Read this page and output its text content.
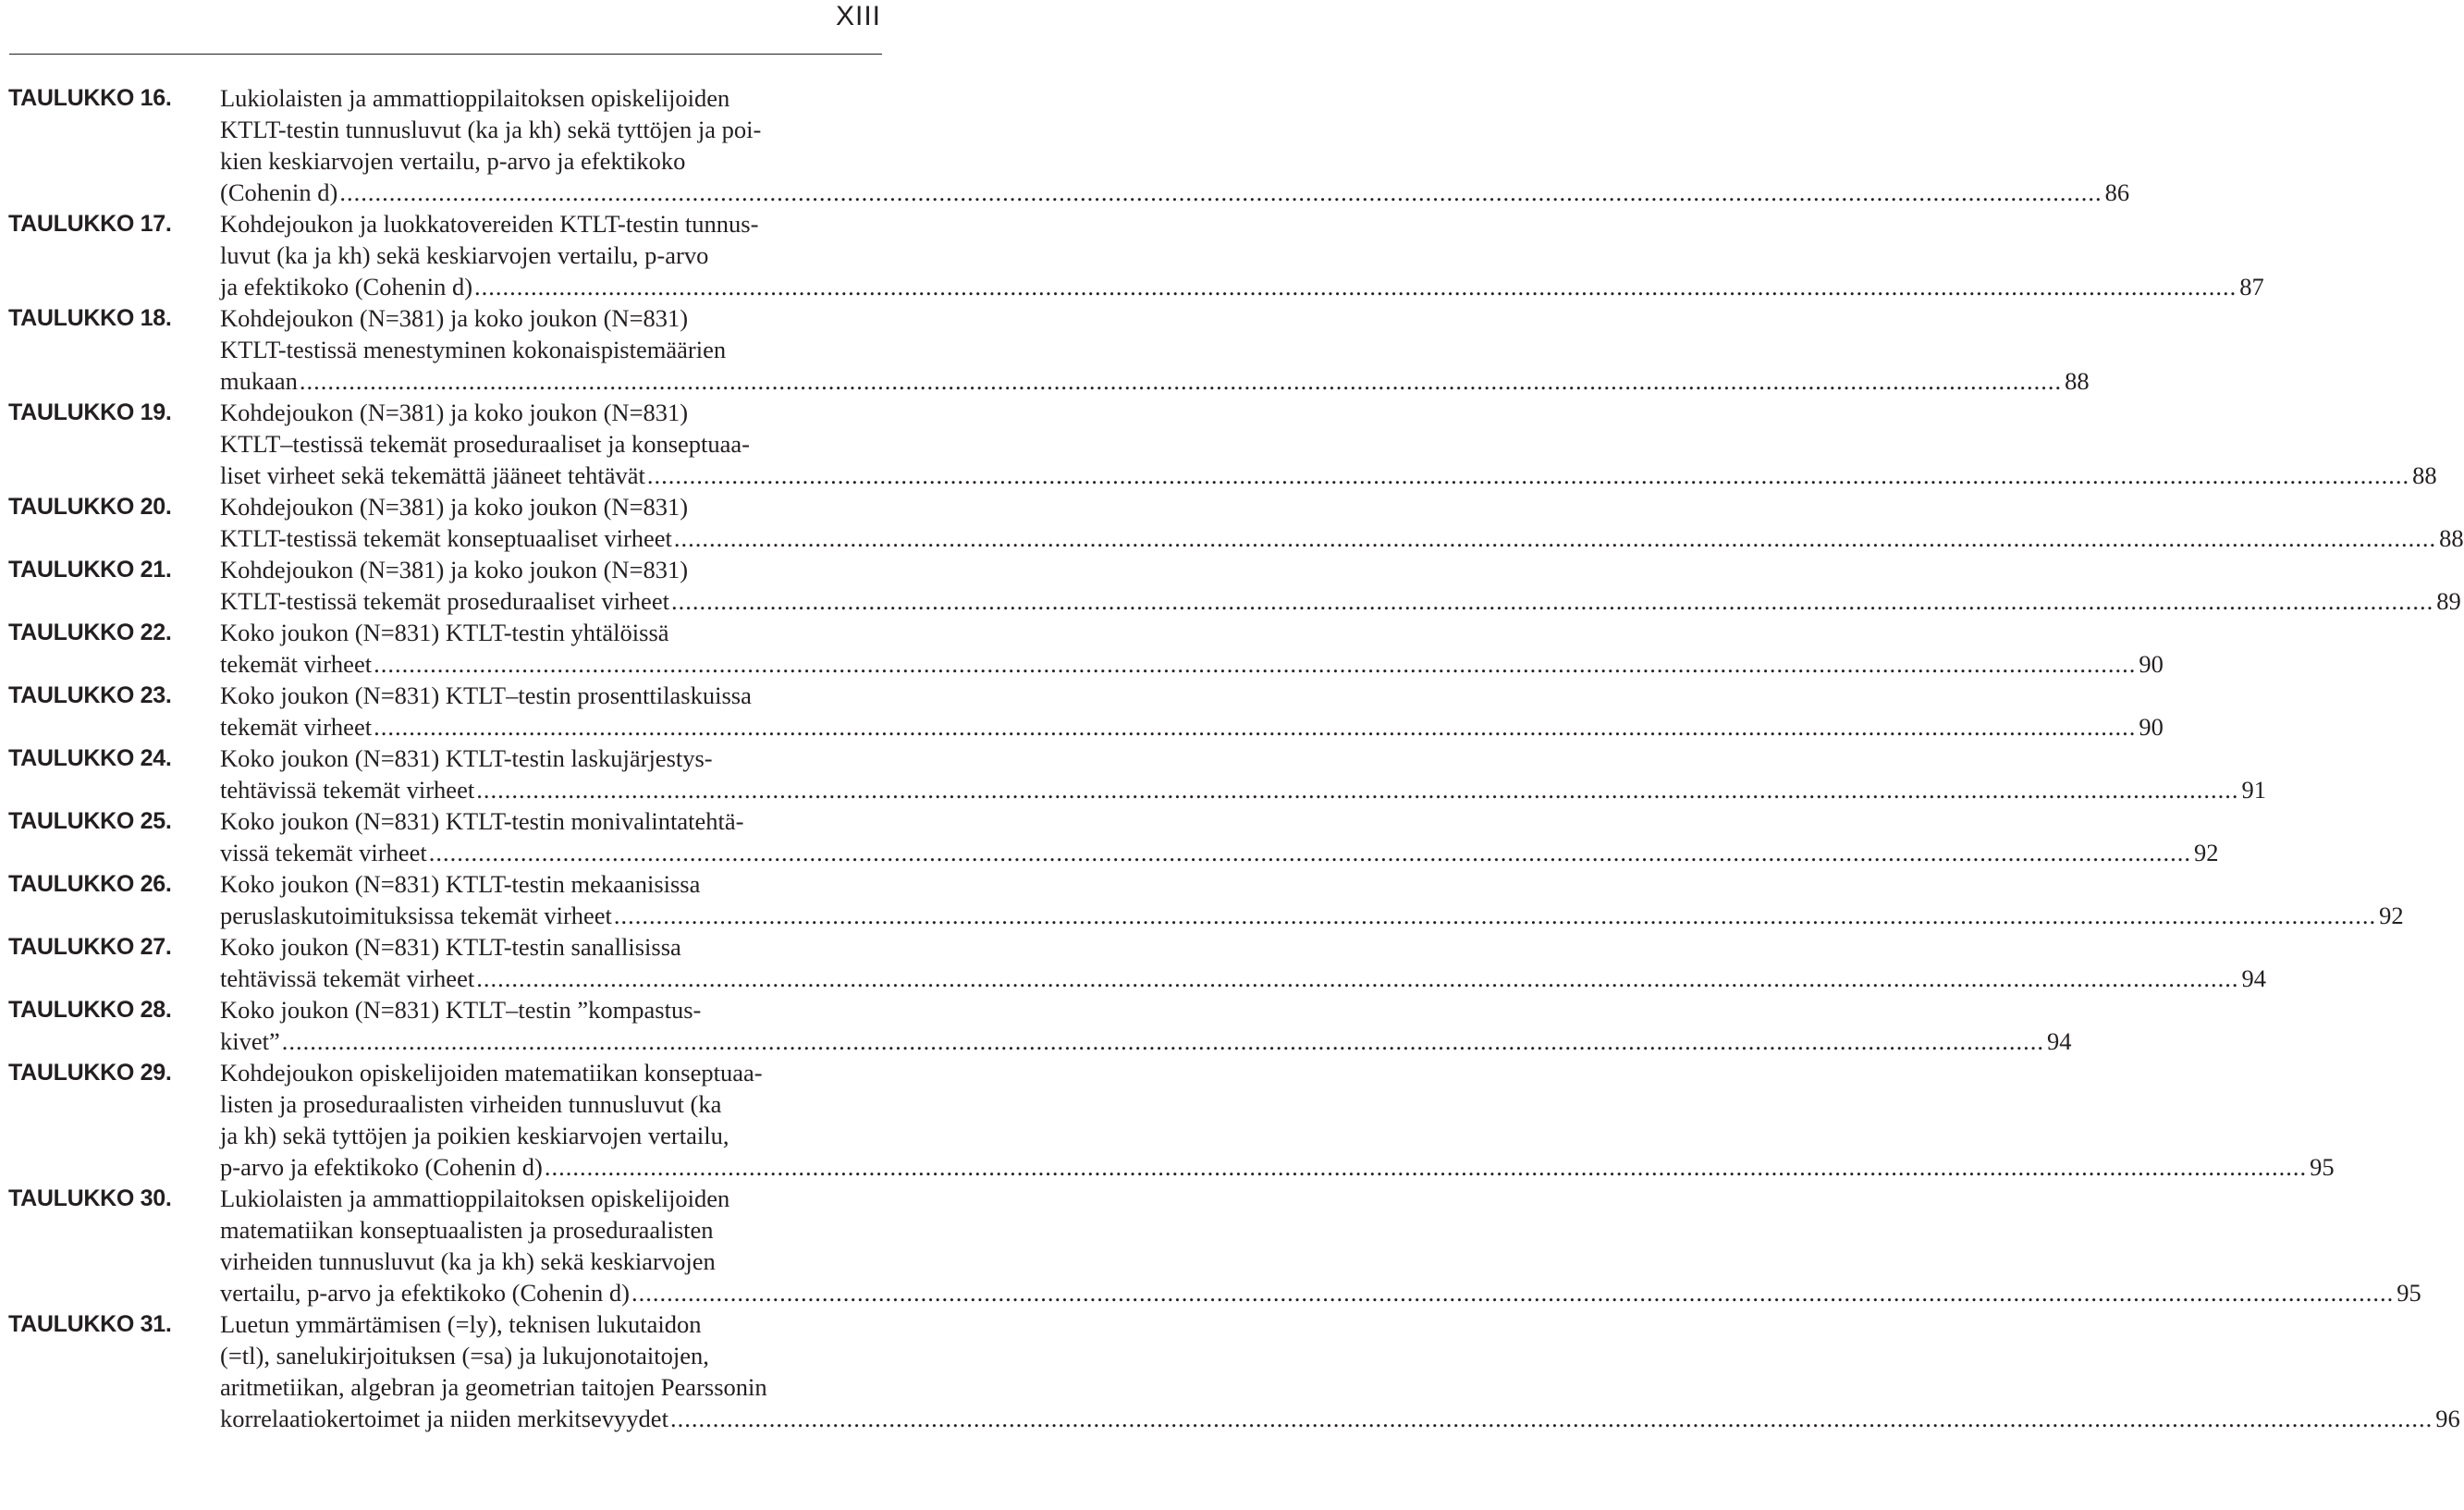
XIII
TAULUKKO 16.	Lukiolaisten ja ammattioppilaitoksen opiskelijoiden
KTLT-testin tunnusluvut (ka ja kh) sekä tyttöjen ja poi-
kien keskiarvojen vertailu, p-arvo ja efektikoko
(Cohenin d) .....	86
TAULUKKO 17.	Kohdejoukon ja luokkatovereiden KTLT-testin tunnus-
luvut (ka ja kh) sekä keskiarvojen vertailu, p-arvo
ja efektikoko (Cohenin d) .....	87
TAULUKKO 18.	Kohdejoukon (N=381) ja koko joukon (N=831)
KTLT-testissä menestyminen kokonaispistemäärien
mukaan .....	88
TAULUKKO 19.	Kohdejoukon (N=381) ja koko joukon (N=831)
KTLT–testissä tekemät proseduraaliset ja konseptuaa-
liset virheet sekä tekemättä jääneet tehtävät .....	88
TAULUKKO 20.	Kohdejoukon (N=381) ja koko joukon (N=831)
KTLT-testissä tekemät konseptuaaliset virheet .....	88
TAULUKKO 21.	Kohdejoukon (N=381) ja koko joukon (N=831)
KTLT-testissä tekemät proseduraaliset virheet .....	89
TAULUKKO 22.	Koko joukon (N=831) KTLT-testin yhtälöissä
tekemät virheet .....	90
TAULUKKO 23.	Koko joukon (N=831) KTLT–testin prosenttilaskuissa
tekemät virheet .....	90
TAULUKKO 24.	Koko joukon (N=831) KTLT-testin laskujärjestys-
tehtävissä tekemät virheet .....	91
TAULUKKO 25.	Koko joukon (N=831) KTLT-testin monivalintatehtä-
vissä tekemät virheet .....	92
TAULUKKO 26.	Koko joukon (N=831) KTLT-testin mekaanisissa
peruslaskutoimituksissa tekemät virheet .....	92
TAULUKKO 27.	Koko joukon (N=831) KTLT-testin sanallisissa
tehtävissä tekemät virheet .....	94
TAULUKKO 28.	Koko joukon (N=831) KTLT–testin ”kompastus-
kivet” .....	94
TAULUKKO 29.	Kohdejoukon opiskelijoiden matematiikan konseptuaa-
listen ja proseduraalisten virheiden tunnusluvut (ka
ja kh) sekä tyttöjen ja poikien keskiarvojen vertailu,
p-arvo ja efektikoko (Cohenin d) .....	95
TAULUKKO 30.	Lukiolaisten ja ammattioppilaitoksen opiskelijoiden
matematiikan konseptuaalisten ja proseduraalisten
virheiden tunnusluvut (ka ja kh) sekä keskiarvojen
vertailu, p-arvo ja efektikoko (Cohenin d) .....	95
TAULUKKO 31.	Luetun ymmärtämisen (=ly), teknisen lukutaidon
(=tl), sanelukirjoituksen (=sa) ja lukujonotaitojen,
aritmetiikan, algebran ja geometrian taitojen Pearssonin
korrelaatiokertoimet ja niiden merkitsevyydet .....	96
